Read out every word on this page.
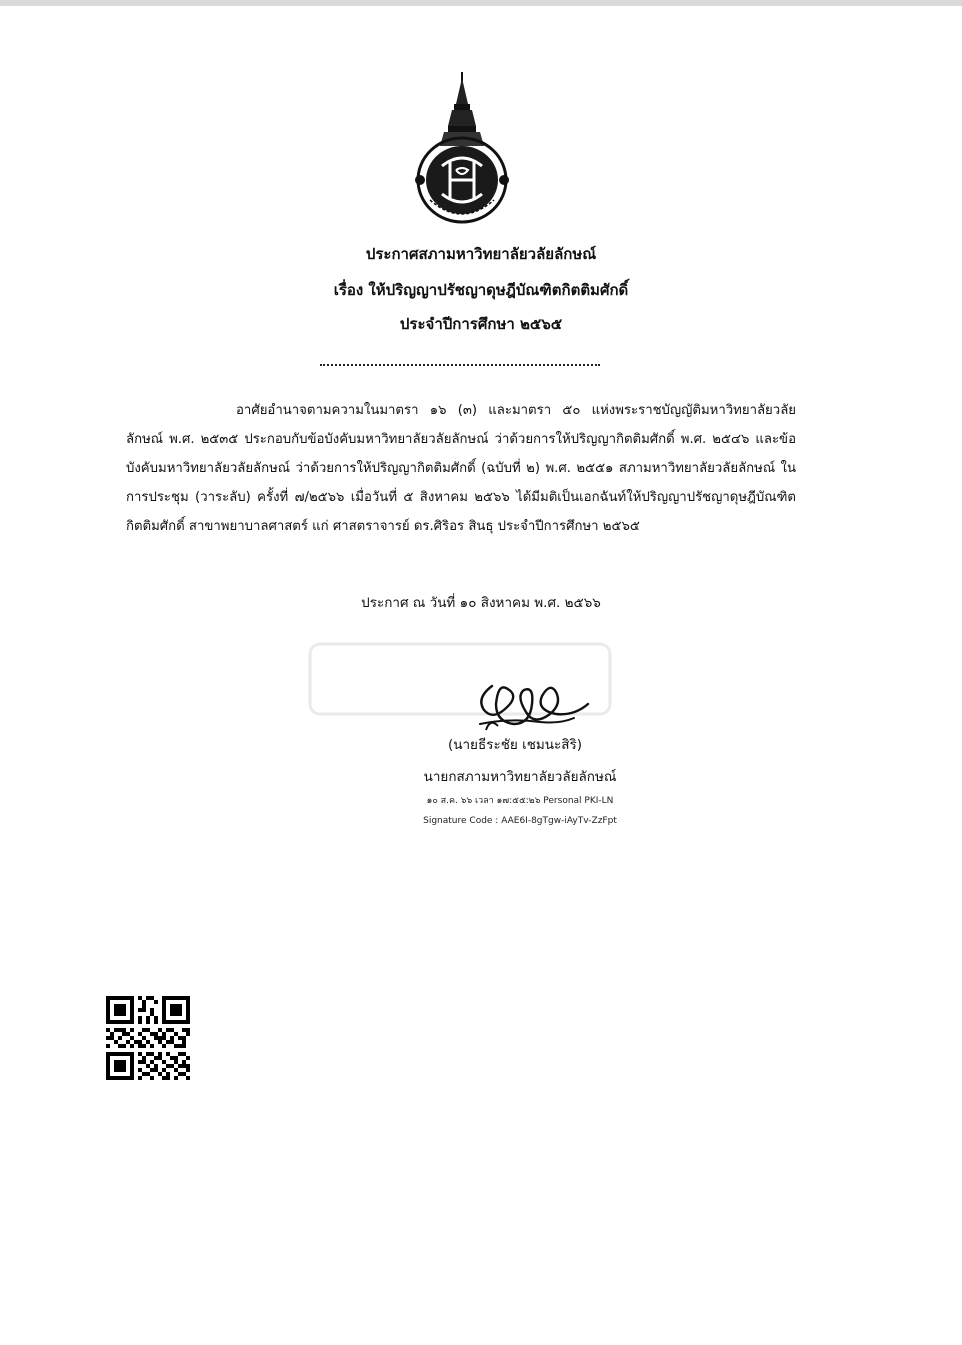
ประกาศสภามหาวิทยาลัยวลัยลักษณ์
เรื่อง ให้ปริญญาปรัชญาดุษฎีบัณฑิตกิตติมศักดิ์
ประจำปีการศึกษา ๒๕๖๕
อาศัยอำนาจตามความในมาตรา ๑๖ (๓) และมาตรา ๕๐ แห่งพระราชบัญญัติมหาวิทยาลัยวลัยลักษณ์ พ.ศ. ๒๕๓๕ ประกอบกับข้อบังคับมหาวิทยาลัยวลัยลักษณ์ ว่าด้วยการให้ปริญญากิตติมศักดิ์ พ.ศ. ๒๕๔๖ และข้อบังคับมหาวิทยาลัยวลัยลักษณ์ ว่าด้วยการให้ปริญญากิตติมศักดิ์ (ฉบับที่ ๒) พ.ศ. ๒๕๕๑ สภามหาวิทยาลัยวลัยลักษณ์ ในการประชุม (วาระลับ) ครั้งที่ ๗/๒๕๖๖ เมื่อวันที่ ๕ สิงหาคม ๒๕๖๖ ได้มีมติเป็นเอกฉันท์ให้ปริญญาปรัชญาดุษฎีบัณฑิตกิตติมศักดิ์ สาขาพยาบาลศาสตร์ แก่ ศาสตราจารย์ ดร.ศิริอร สินธุ ประจำปีการศึกษา ๒๕๖๕
ประกาศ ณ วันที่ ๑๐ สิงหาคม พ.ศ. ๒๕๖๖
(นายธีระชัย เชมนะสิริ)
นายกสภามหาวิทยาลัยวลัยลักษณ์
๑๐ ส.ค. ๖๖ เวลา ๑๗:๕๕:๒๖ Personal PKI-LN
Signature Code : AAE6I-8gTgw-iAyTv-ZzFpt
